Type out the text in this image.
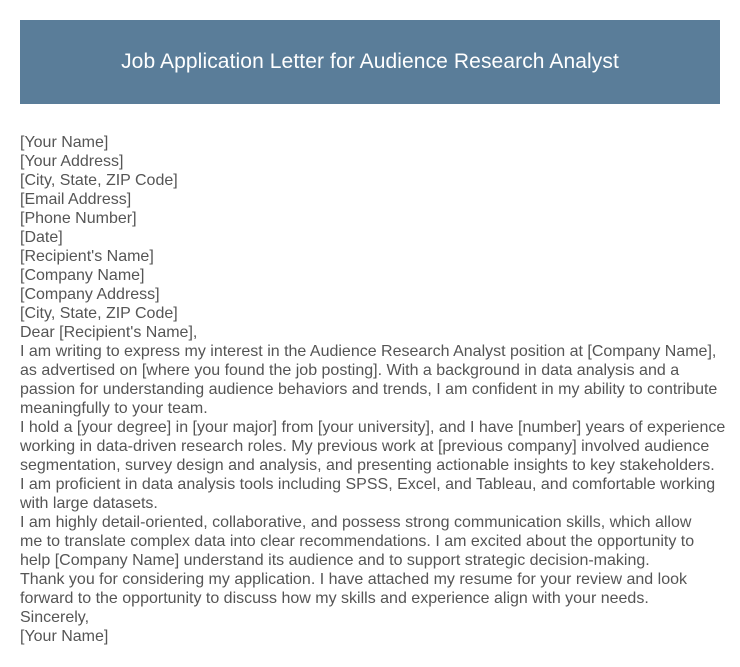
Job Application Letter for Audience Research Analyst
[Your Name]
[Your Address]
[City, State, ZIP Code]
[Email Address]
[Phone Number]
[Date]
[Recipient's Name]
[Company Name]
[Company Address]
[City, State, ZIP Code]
Dear [Recipient's Name],
I am writing to express my interest in the Audience Research Analyst position at [Company Name],
as advertised on [where you found the job posting]. With a background in data analysis and a
passion for understanding audience behaviors and trends, I am confident in my ability to contribute
meaningfully to your team.
I hold a [your degree] in [your major] from [your university], and I have [number] years of experience
working in data-driven research roles. My previous work at [previous company] involved audience
segmentation, survey design and analysis, and presenting actionable insights to key stakeholders.
I am proficient in data analysis tools including SPSS, Excel, and Tableau, and comfortable working
with large datasets.
I am highly detail-oriented, collaborative, and possess strong communication skills, which allow
me to translate complex data into clear recommendations. I am excited about the opportunity to
help [Company Name] understand its audience and to support strategic decision-making.
Thank you for considering my application. I have attached my resume for your review and look
forward to the opportunity to discuss how my skills and experience align with your needs.
Sincerely,
[Your Name]
